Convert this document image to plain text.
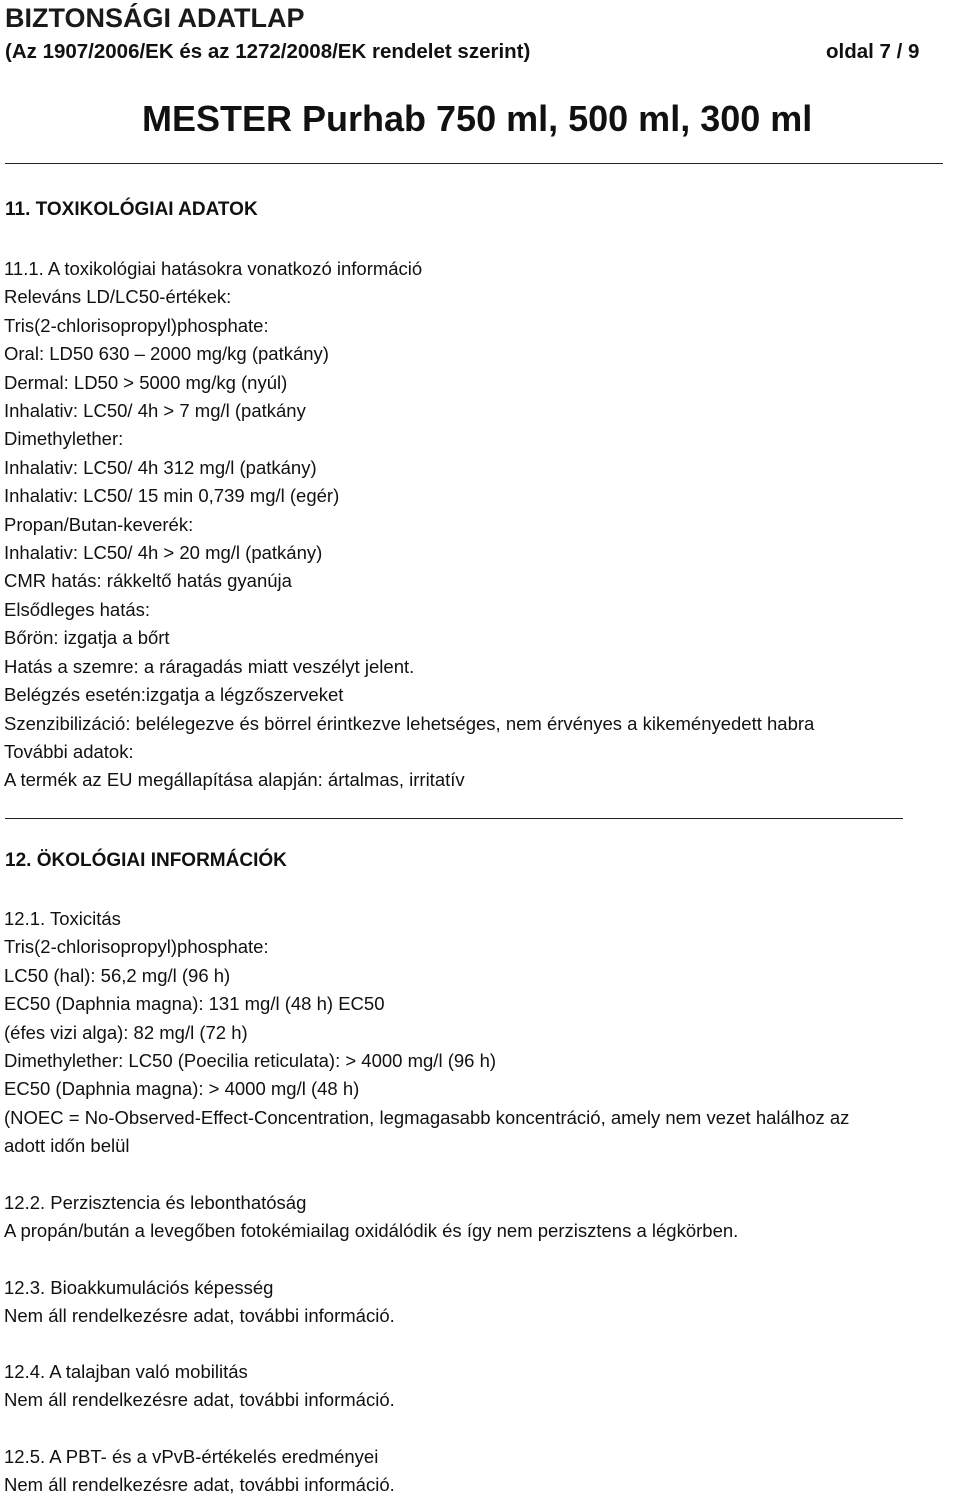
BIZTONSÁGI ADATLAP
(Az 1907/2006/EK és az 1272/2008/EK rendelet szerint)	oldal 7 / 9
MESTER Purhab 750 ml, 500 ml, 300 ml
11. TOXIKOLÓGIAI ADATOK
11.1. A toxikológiai hatásokra vonatkozó információ
Releváns LD/LC50-értékek:
Tris(2-chlorisopropyl)phosphate:
Oral: LD50 630 – 2000 mg/kg (patkány)
Dermal: LD50 > 5000 mg/kg (nyúl)
Inhalativ: LC50/ 4h > 7 mg/l (patkány
Dimethylether:
Inhalativ: LC50/ 4h 312 mg/l (patkány)
Inhalativ: LC50/ 15 min 0,739 mg/l (egér)
Propan/Butan-keverék:
Inhalativ: LC50/ 4h > 20 mg/l (patkány)
CMR hatás: rákkeltő hatás gyanúja
Elsődleges hatás:
Bőrön: izgatja a bőrt
Hatás a szemre: a ráragadás miatt veszélyt jelent.
Belégzés esetén:izgatja a légzőszerveket
Szenzibilizáció: belélegezve és börrel érintkezve lehetséges, nem érvényes a kikeményedett habra
További adatok:
A termék az EU megállapítása alapján: ártalmas, irritatív
12. ÖKOLÓGIAI INFORMÁCIÓK
12.1. Toxicitás
Tris(2-chlorisopropyl)phosphate:
LC50 (hal): 56,2 mg/l (96 h)
EC50 (Daphnia magna): 131 mg/l (48 h) EC50
(éfes vizi alga): 82 mg/l (72 h)
Dimethylether: LC50 (Poecilia reticulata): > 4000 mg/l (96 h)
EC50 (Daphnia magna): > 4000 mg/l (48 h)
(NOEC = No-Observed-Effect-Concentration, legmagasabb koncentráció, amely nem vezet halálhoz az
adott időn belül
12.2. Perzisztencia és lebonthatóság
A propán/bután a levegőben fotokémiailag oxidálódik és így nem perzisztens a légkörben.
12.3. Bioakkumulációs képesség
Nem áll rendelkezésre adat, további információ.
12.4. A talajban való mobilitás
Nem áll rendelkezésre adat, további információ.
12.5. A PBT- és a vPvB-értékelés eredményei
Nem áll rendelkezésre adat, további információ.
